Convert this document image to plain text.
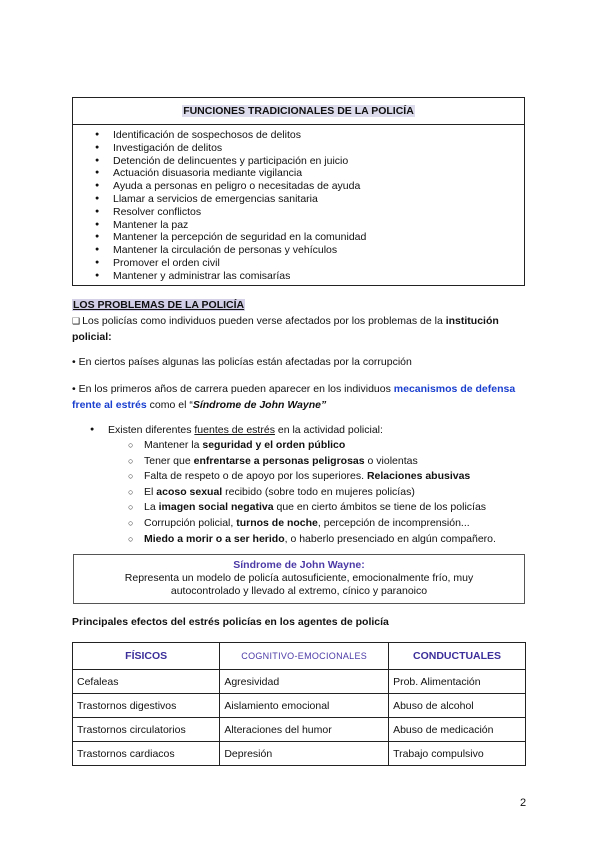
FUNCIONES TRADICIONALES DE LA POLICÍA
● Identificación de sospechosos de delitos
● Investigación de delitos
● Detención de delincuentes y participación en juicio
● Actuación disuasoria mediante vigilancia
● Ayuda a personas en peligro o necesitadas de ayuda
● Llamar a servicios de emergencias sanitaria
● Resolver conflictos
● Mantener la paz
● Mantener la percepción de seguridad en la comunidad
● Mantener la circulación de personas y vehículos
● Promover el orden civil
● Mantener y administrar las comisarías
LOS PROBLEMAS DE LA POLICÍA
❑ Los policías como individuos pueden verse afectados por los problemas de la institución policial:
• En ciertos países algunas las policías están afectadas por la corrupción
• En los primeros años de carrera pueden aparecer en los individuos mecanismos de defensa frente al estrés como el “Síndrome de John Wayne”
● Existen diferentes fuentes de estrés en la actividad policial:
○ Mantener la seguridad y el orden público
○ Tener que enfrentarse a personas peligrosas o violentas
○ Falta de respeto o de apoyo por los superiores. Relaciones abusivas
○ El acoso sexual recibido (sobre todo en mujeres policías)
○ La imagen social negativa que en cierto ámbitos se tiene de los policías
○ Corrupción policial, turnos de noche, percepción de incomprensión...
○ Miedo a morir o a ser herido, o haberlo presenciado en algún compañero.
Síndrome de John Wayne:
Representa un modelo de policía autosuficiente, emocionalmente frío, muy
autocontrolado y llevado al extremo, cínico y paranoico
Principales efectos del estrés policías en los agentes de policía
FÍSICOS	COGNITIVO-EMOCIONALES	CONDUCTUALES
Cefaleas	Agresividad	Prob. Alimentación
Trastornos digestivos	Aislamiento emocional	Abuso de alcohol
Trastornos circulatorios	Alteraciones del humor	Abuso de medicación
Trastornos cardiacos	Depresión	Trabajo compulsivo
2
